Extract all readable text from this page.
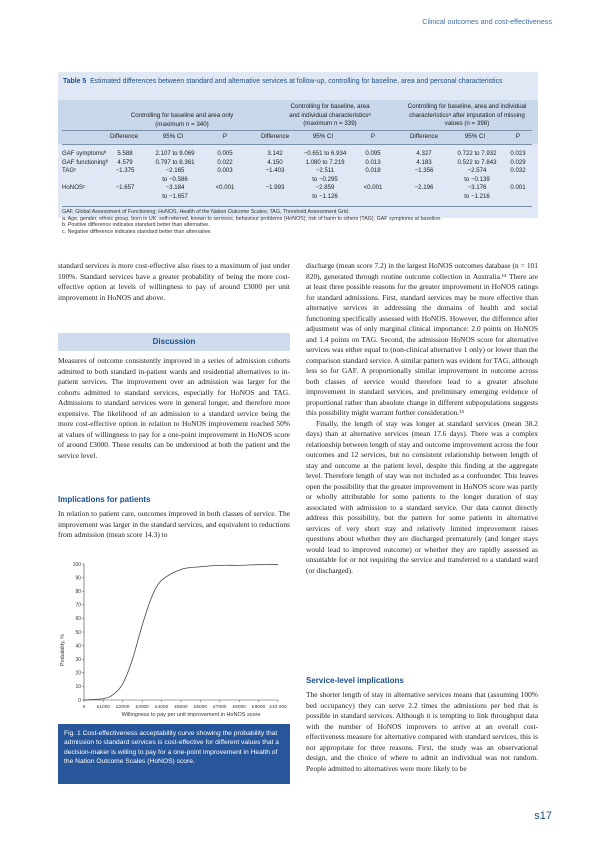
Clinical outcomes and cost-effectiveness
Table 5 Estimated differences between standard and alternative services at follow-up, controlling for baseline, area and personal characteristics
Controlling for baseline and area only
(maximum n = 340)
Controlling for baseline, area
and individual characteristicsᵃ
(maximum n = 339)
Controlling for baseline, area and individual
characteristicsᵃ after imputation of missing
values (n = 398)
Difference	95% CI	P	Difference	95% CI	P	Difference	95% CI	P
GAF symptomsᵇ	5.588	2.107 to 9.069	0.005	3.142	−0.651 to 6.934	0.095	4.327	0.722 to 7.932	0.023
GAF functioningᵇ	4.579	0.797 to 8.361	0.022	4.150	1.080 to 7.219	0.013	4.183	0.522 to 7.843	0.029
TAGᶜ	−1.375	−2.165	0.003	−1.403	−2.511	0.018	−1.356	−2.574	0.032
to −0.586	to −0.295	to −0.139
HoNOSᶜ	−1.657	−3.184	<0.001	−1.993	−2.859	<0.001	−2.196	−3.176	0.001
to −1.657	to −1.126	to −1.216
GAF, Global Assessment of Functioning; HoNOS, Health of the Nation Outcome Scales; TAG, Threshold Assessment Grid.
a. Age, gender, ethnic group, born in UK, self-referred, known to services, behaviour problems (HoNOS), risk of harm to others (TAG), GAF symptoms at baseline.
b. Positive difference indicates standard better than alternative.
c. Negative difference indicates standard better than alternative.

standard services is more cost-effective also rises to a maximum of just under 100%. Standard services have a greater probability of being the more cost-effective option at levels of willingness to pay of around £3000 per unit improvement in HoNOS and above.

Discussion

Measures of outcome consistently improved in a series of admission cohorts admitted to both standard in-patient wards and residential alternatives to in-patient services. The improvement over an admission was larger for the cohorts admitted to standard services, especially for HoNOS and TAG. Admissions to standard services were in general longer, and therefore more expensive. The likelihood of an admission to a standard service being the more cost-effective option in relation to HoNOS improvement reached 50% at values of willingness to pay for a one-point improvement in HoNOS score of around £3000. These results can be understood at both the patient and the service level.

Implications for patients

In relation to patient care, outcomes improved in both classes of service. The improvement was larger in the standard services, and equivalent to reductions from admission (mean score 14.3) to

0
10
20
30
40
50
60
70
80
90
100
0 £1000 £2000 £3000 £4000 £5000 £6000 £7000 £8000 £9000 £10 000
Probability, %
Willingness to pay per unit improvement in HoNOS score
Fig. 1 Cost-effectiveness acceptability curve showing the probability that admission to standard services is cost-effective for different values that a decision-maker is willing to pay for a one-point improvement in Health of the Nation Outcome Scales (HoNOS) score.

discharge (mean score 7.2) in the largest HoNOS outcomes database (n = 101 820), generated through routine outcome collection in Australia.¹⁴ There are at least three possible reasons for the greater improvement in HoNOS ratings for standard admissions. First, standard services may be more effective than alternative services in addressing the domains of health and social functioning specifically assessed with HoNOS. However, the difference after adjustment was of only marginal clinical importance: 2.0 points on HoNOS and 1.4 points on TAG. Second, the admission HoNOS score for alternative services was either equal to (non-clinical alternative 1 only) or lower than the comparison standard service. A similar pattern was evident for TAG, although less so for GAF. A proportionally similar improvement in outcome across both classes of service would therefore lead to a greater absolute improvement in standard services, and preliminary emerging evidence of proportional rather than absolute change in different subpopulations suggests this possibility might warrant further consideration.¹⁵

Finally, the length of stay was longer at standard services (mean 38.2 days) than at alternative services (mean 17.6 days). There was a complex relationship between length of stay and outcome improvement across the four outcomes and 12 services, but no consistent relationship between length of stay and outcome at the patient level, despite this finding at the aggregate level. Therefore length of stay was not included as a confounder. This leaves open the possibility that the greater improvement in HoNOS score was partly or wholly attributable for some patients to the longer duration of stay associated with admission to a standard service. Our data cannot directly address this possibility, but the pattern for some patients in alternative services of very short stay and relatively limited improvement raises questions about whether they are discharged prematurely (and longer stays would lead to improved outcome) or whether they are rapidly assessed as unsuitable for or not requiring the service and transferred to a standard ward (or discharged).

Service-level implications

The shorter length of stay in alternative services means that (assuming 100% bed occupancy) they can serve 2.2 times the admissions per bed that is possible in standard services. Although it is tempting to link throughput data with the number of HoNOS improvers to arrive at an overall cost-effectiveness measure for alternative compared with standard services, this is not appropriate for three reasons. First, the study was an observational design, and the choice of where to admit an individual was not random. People admitted to alternatives were more likely to be

s17
